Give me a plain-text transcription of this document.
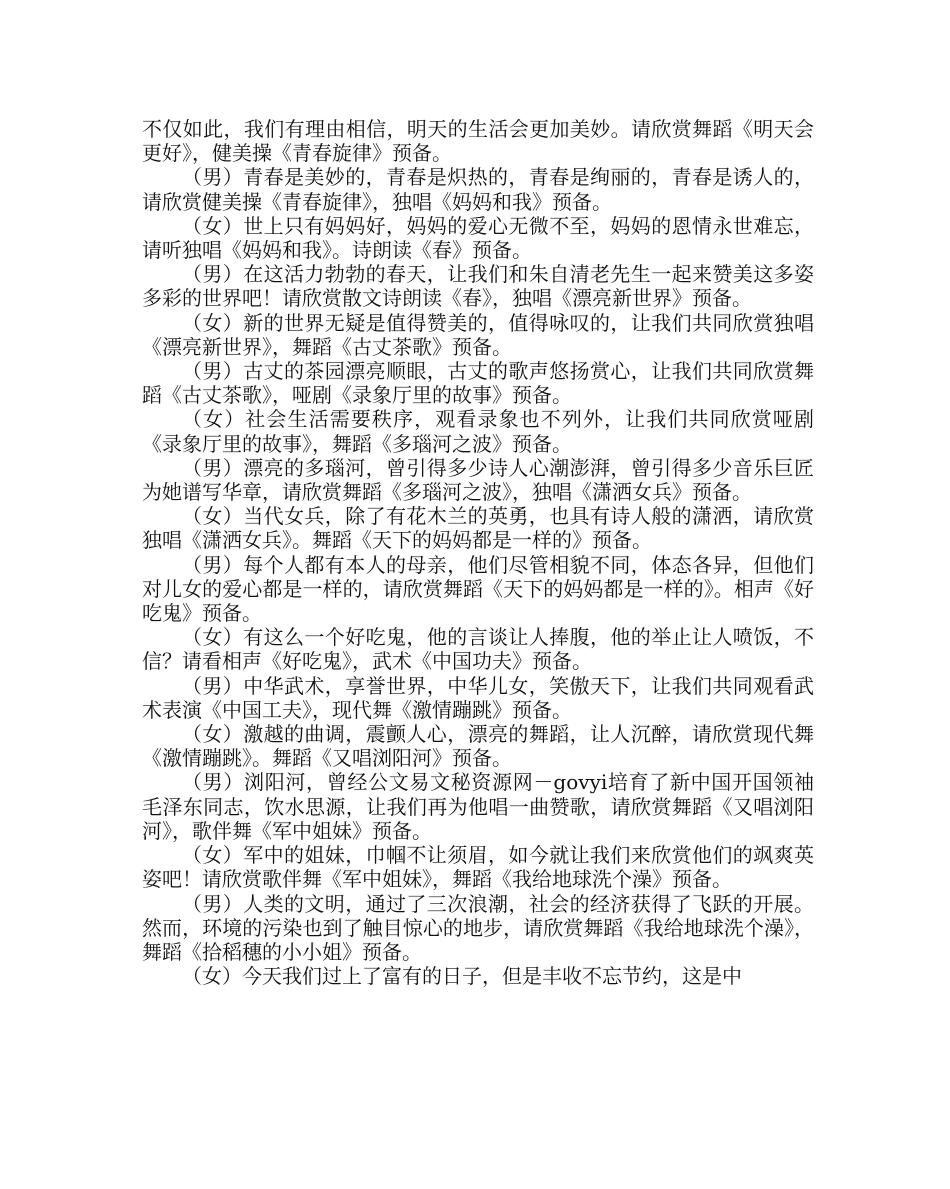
不仅如此，我们有理由相信，明天的生活会更加美妙。请欣赏舞蹈《明天会更好》，健美操《青春旋律》预备。

（男）青春是美妙的，青春是炽热的，青春是绚丽的，青春是诱人的，请欣赏健美操《青春旋律》，独唱《妈妈和我》预备。

（女）世上只有妈妈好，妈妈的爱心无微不至，妈妈的恩情永世难忘，请听独唱《妈妈和我》。诗朗读《春》预备。

（男）在这活力勃勃的春天，让我们和朱自清老先生一起来赞美这多姿多彩的世界吧！请欣赏散文诗朗读《春》，独唱《漂亮新世界》预备。

（女）新的世界无疑是值得赞美的，值得咏叹的，让我们共同欣赏独唱《漂亮新世界》，舞蹈《古丈茶歌》预备。

（男）古丈的茶园漂亮顺眼，古丈的歌声悠扬赏心，让我们共同欣赏舞蹈《古丈茶歌》，哑剧《录象厅里的故事》预备。

（女）社会生活需要秩序，观看录象也不列外，让我们共同欣赏哑剧《录象厅里的故事》，舞蹈《多瑙河之波》预备。

（男）漂亮的多瑙河，曾引得多少诗人心潮澎湃，曾引得多少音乐巨匠为她谱写华章，请欣赏舞蹈《多瑙河之波》，独唱《潇洒女兵》预备。

（女）当代女兵，除了有花木兰的英勇，也具有诗人般的潇洒，请欣赏独唱《潇洒女兵》。舞蹈《天下的妈妈都是一样的》预备。

（男）每个人都有本人的母亲，他们尽管相貌不同，体态各异，但他们对儿女的爱心都是一样的，请欣赏舞蹈《天下的妈妈都是一样的》。相声《好吃鬼》预备。

（女）有这么一个好吃鬼，他的言谈让人捧腹，他的举止让人喷饭，不信？请看相声《好吃鬼》，武术《中国功夫》预备。

（男）中华武术，享誉世界，中华儿女，笑傲天下，让我们共同观看武术表演《中国工夫》，现代舞《激情蹦跳》预备。

（女）激越的曲调，震颤人心，漂亮的舞蹈，让人沉醉，请欣赏现代舞《激情蹦跳》。舞蹈《又唱浏阳河》预备。

（男）浏阳河，曾经公文易文秘资源网－govyi培育了新中国开国领袖毛泽东同志，饮水思源，让我们再为他唱一曲赞歌，请欣赏舞蹈《又唱浏阳河》，歌伴舞《军中姐妹》预备。

（女）军中的姐妹，巾帼不让须眉，如今就让我们来欣赏他们的飒爽英姿吧！请欣赏歌伴舞《军中姐妹》，舞蹈《我给地球洗个澡》预备。

（男）人类的文明，通过了三次浪潮，社会的经济获得了飞跃的开展。然而，环境的污染也到了触目惊心的地步，请欣赏舞蹈《我给地球洗个澡》，舞蹈《拾稻穗的小小姐》预备。

（女）今天我们过上了富有的日子，但是丰收不忘节约，这是中
